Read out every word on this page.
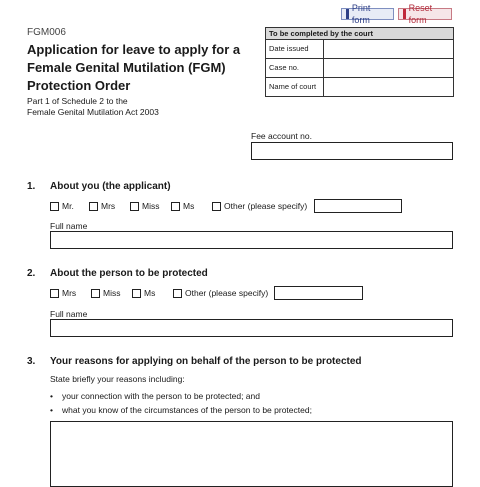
Print form
Reset form
FGM006
Application for leave to apply for a Female Genital Mutilation (FGM) Protection Order
Part 1 of Schedule 2 to the
Female Genital Mutilation Act 2003
To be completed by the court
Date issued
Case no.
Name of court
Fee account no.
1. About you (the applicant)
Mr.	Mrs	Miss	Ms	Other (please specify)
Full name
2. About the person to be protected
Mrs	Miss	Ms	Other (please specify)
Full name
3. Your reasons for applying on behalf of the person to be protected
State briefly your reasons including:
• your connection with the person to be protected; and
• what you know of the circumstances of the person to be protected;
